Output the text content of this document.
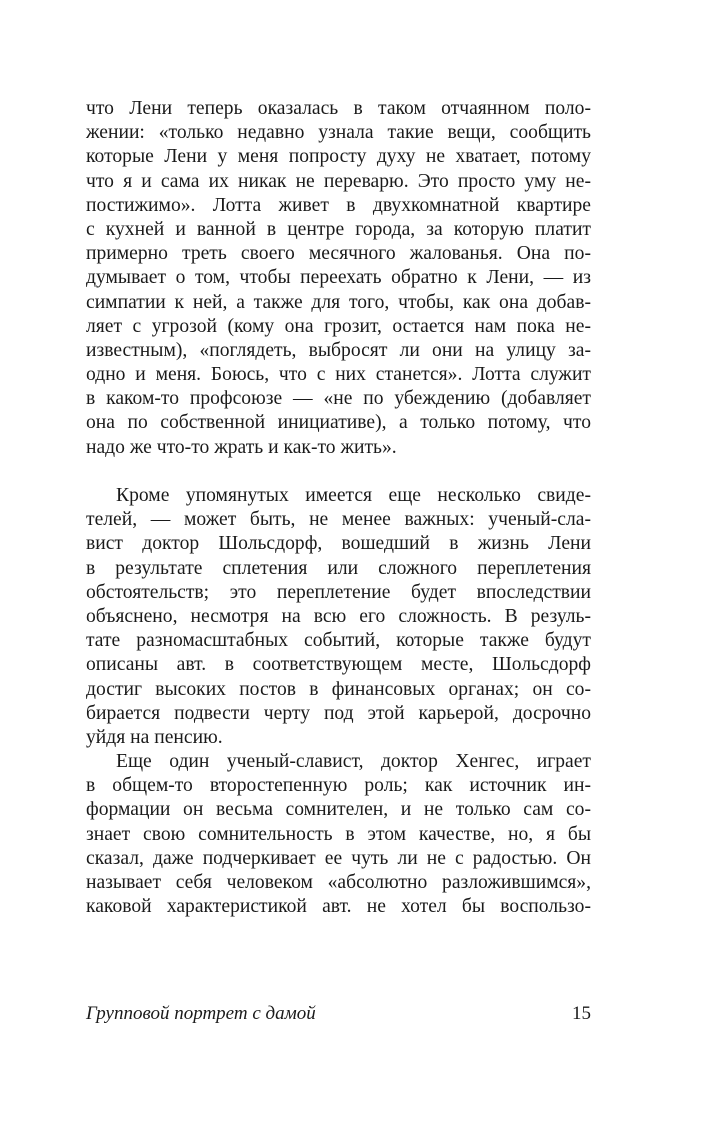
что Лени теперь оказалась в таком отчаянном поло-
жении: «только недавно узнала такие вещи, сообщить
которые Лени у меня попросту духу не хватает, потому
что я и сама их никак не переварю. Это просто уму не-
постижимо». Лотта живет в двухкомнатной квартире
с кухней и ванной в центре города, за которую платит
примерно треть своего месячного жалованья. Она по-
думывает о том, чтобы переехать обратно к Лени, — из
симпатии к ней, а также для того, чтобы, как она добав-
ляет с угрозой (кому она грозит, остается нам пока не-
известным), «поглядеть, выбросят ли они на улицу за-
одно и меня. Боюсь, что с них станется». Лотта служит
в каком-то профсоюзе — «не по убеждению (добавляет
она по собственной инициативе), а только потому, что
надо же что-то жрать и как-то жить».
Кроме упомянутых имеется еще несколько свиде-
телей, — может быть, не менее важных: ученый-сла-
вист доктор Шольсдорф, вошедший в жизнь Лени
в результате сплетения или сложного переплетения
обстоятельств; это переплетение будет впоследствии
объяснено, несмотря на всю его сложность. В резуль-
тате разномасштабных событий, которые также будут
описаны авт. в соответствующем месте, Шольсдорф
достиг высоких постов в финансовых органах; он со-
бирается подвести черту под этой карьерой, досрочно
уйдя на пенсию.
Еще один ученый-славист, доктор Хенгес, играет
в общем-то второстепенную роль; как источник ин-
формации он весьма сомнителен, и не только сам со-
знает свою сомнительность в этом качестве, но, я бы
сказал, даже подчеркивает ее чуть ли не с радостью. Он
называет себя человеком «абсолютно разложившимся»,
каковой характеристикой авт. не хотел бы воспользо-
Групповой портрет с дамой	15
